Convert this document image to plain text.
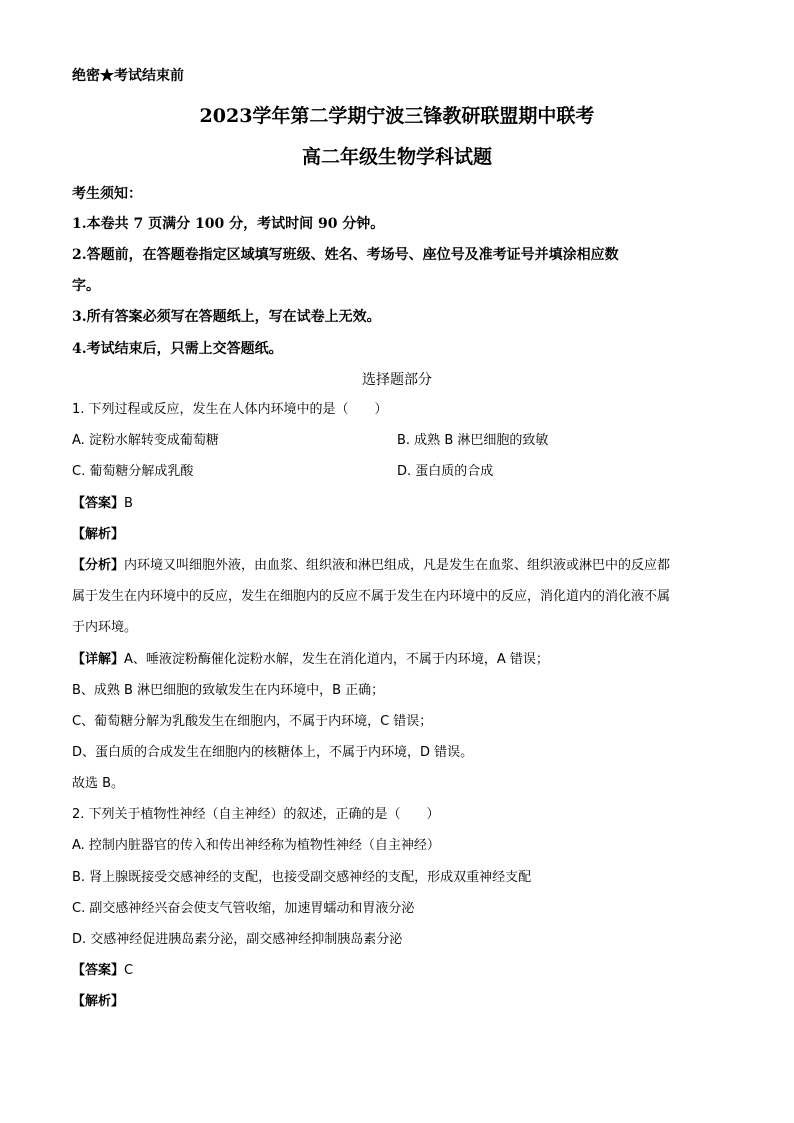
绝密★考试结束前
2023学年第二学期宁波三锋教研联盟期中联考
高二年级生物学科试题
考生须知：
1.本卷共 7 页满分 100 分，考试时间 90 分钟。
2.答题前，在答题卷指定区域填写班级、姓名、考场号、座位号及准考证号并填涂相应数
字。
3.所有答案必须写在答题纸上，写在试卷上无效。
4.考试结束后，只需上交答题纸。
选择题部分
1. 下列过程或反应，发生在人体内环境中的是（　　）
A. 淀粉水解转变成葡萄糖	B. 成熟 B 淋巴细胞的致敏
C. 葡萄糖分解成乳酸	D. 蛋白质的合成
【答案】B
【解析】
【分析】内环境又叫细胞外液，由血浆、组织液和淋巴组成，凡是发生在血浆、组织液或淋巴中的反应都
属于发生在内环境中的反应，发生在细胞内的反应不属于发生在内环境中的反应，消化道内的消化液不属
于内环境。
【详解】A、唾液淀粉酶催化淀粉水解，发生在消化道内，不属于内环境，A 错误；
B、成熟 B 淋巴细胞的致敏发生在内环境中，B 正确；
C、葡萄糖分解为乳酸发生在细胞内，不属于内环境，C 错误；
D、蛋白质的合成发生在细胞内的核糖体上，不属于内环境，D 错误。
故选 B。
2. 下列关于植物性神经（自主神经）的叙述，正确的是（　　）
A. 控制内脏器官的传入和传出神经称为植物性神经（自主神经）
B. 肾上腺既接受交感神经的支配，也接受副交感神经的支配，形成双重神经支配
C. 副交感神经兴奋会使支气管收缩，加速胃蠕动和胃液分泌
D. 交感神经促进胰岛素分泌，副交感神经抑制胰岛素分泌
【答案】C
【解析】
